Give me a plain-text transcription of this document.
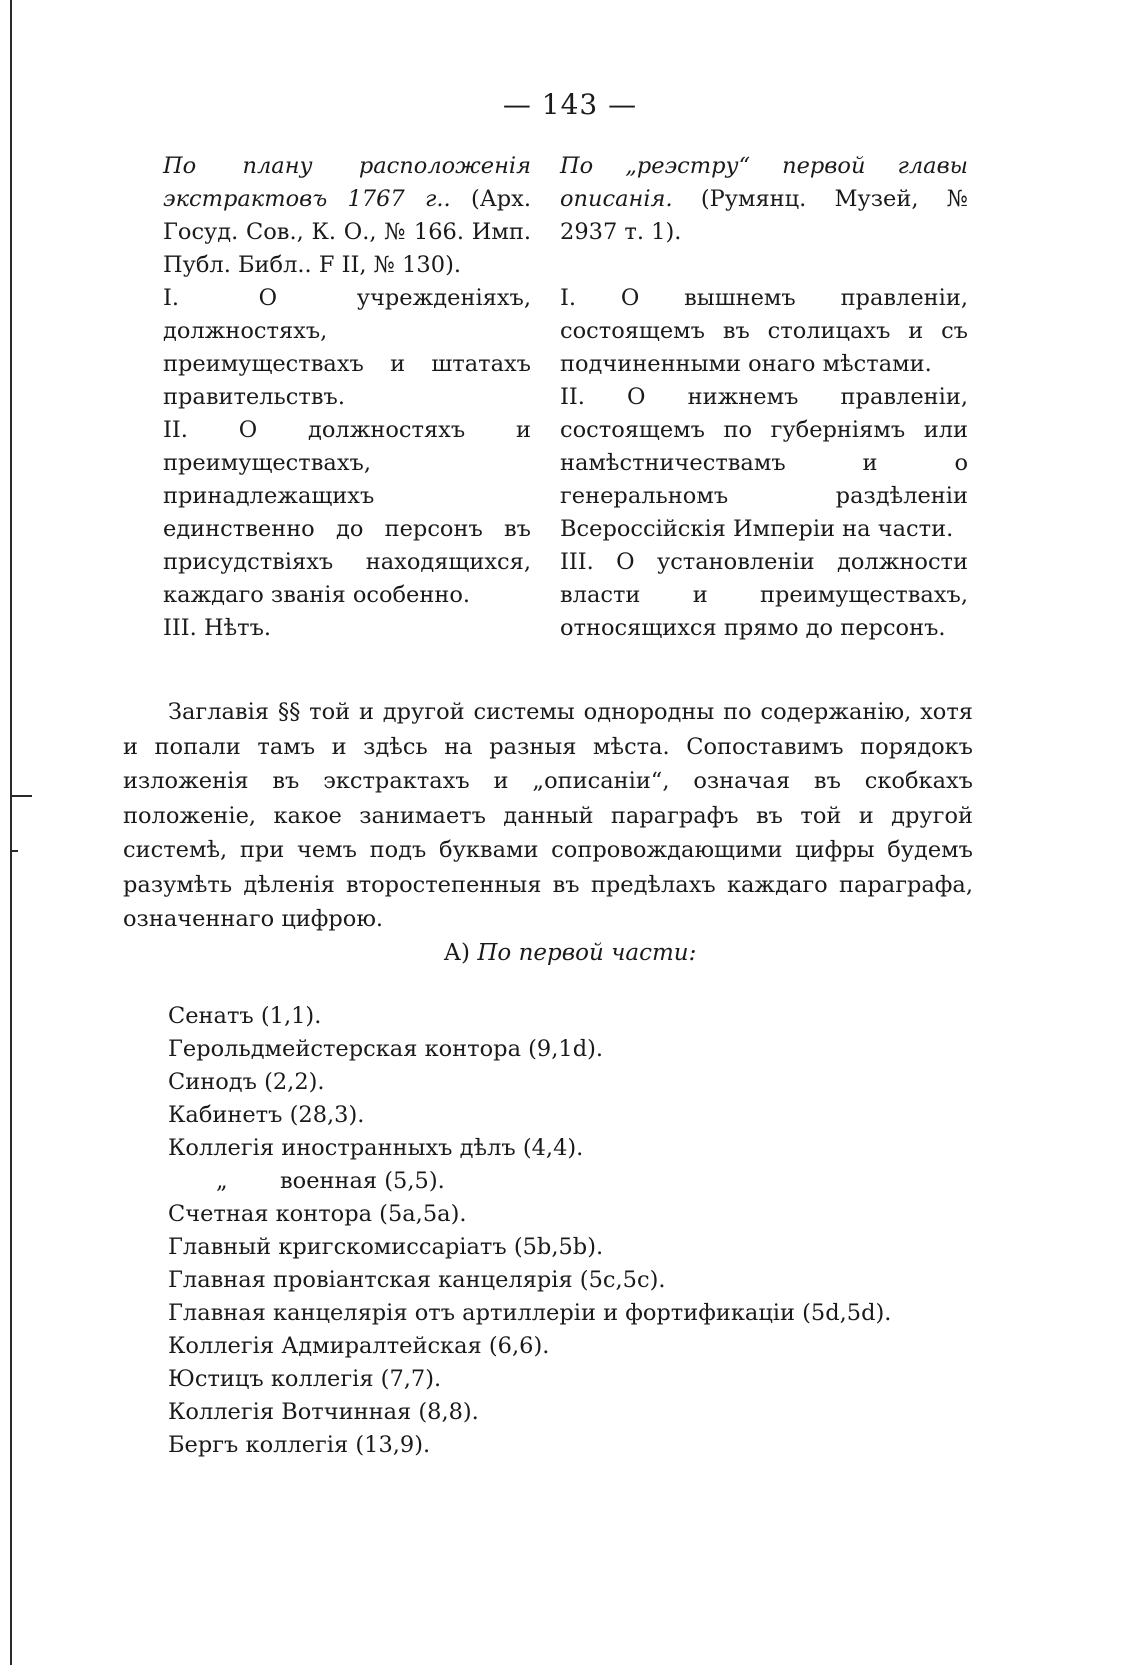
— 143 —

По плану расположенія экстрактовъ 1767 г.. (Арх. Госуд. Сов., К. О., № 166. Имп. Публ. Библ.. F II, № 130).

I. О учрежденіяхъ, должностяхъ, преимуществахъ и штатахъ правительствъ.

II. О должностяхъ и преимуществахъ, принадлежащихъ единственно до персонъ въ присудствіяхъ находящихся, каждаго званія особенно.

III. Нѣтъ.

По „реэстру“ первой главы описанія. (Румянц. Музей, № 2937 т. 1).

I. О вышнемъ правленіи, состоящемъ въ столицахъ и съ подчиненными онаго мѣстами.

II. О нижнемъ правленіи, состоящемъ по губерніямъ или намѣстничествамъ и о генеральномъ раздѣленіи Всероссійскія Имперіи на части.

III. О установленіи должности власти и преимуществахъ, относящихся прямо до персонъ.

Заглавія §§ той и другой системы однородны по содержанію, хотя и попали тамъ и здѣсь на разныя мѣста. Сопоставимъ порядокъ изложенія въ экстрактахъ и „описаніи“, означая въ скобкахъ положеніе, какое занимаетъ данный параграфъ въ той и другой системѣ, при чемъ подъ буквами сопровождающими цифры будемъ разумѣть дѣленія второстепенныя въ предѣлахъ каждаго параграфа, означеннаго цифрою.

А) По первой части:

Сенатъ (1,1).
Герольдмейстерская контора (9,1d).
Синодъ (2,2).
Кабинетъ (28,3).
Коллегія иностранныхъ дѣлъ (4,4).
„ военная (5,5).
Счетная контора (5a,5a).
Главный кригскомиссаріатъ (5b,5b).
Главная провіантская канцелярія (5c,5c).
Главная канцелярія отъ артиллеріи и фортификаціи (5d,5d).
Коллегія Адмиралтейская (6,6).
Юстицъ коллегія (7,7).
Коллегія Вотчинная (8,8).
Бергъ коллегія (13,9).
